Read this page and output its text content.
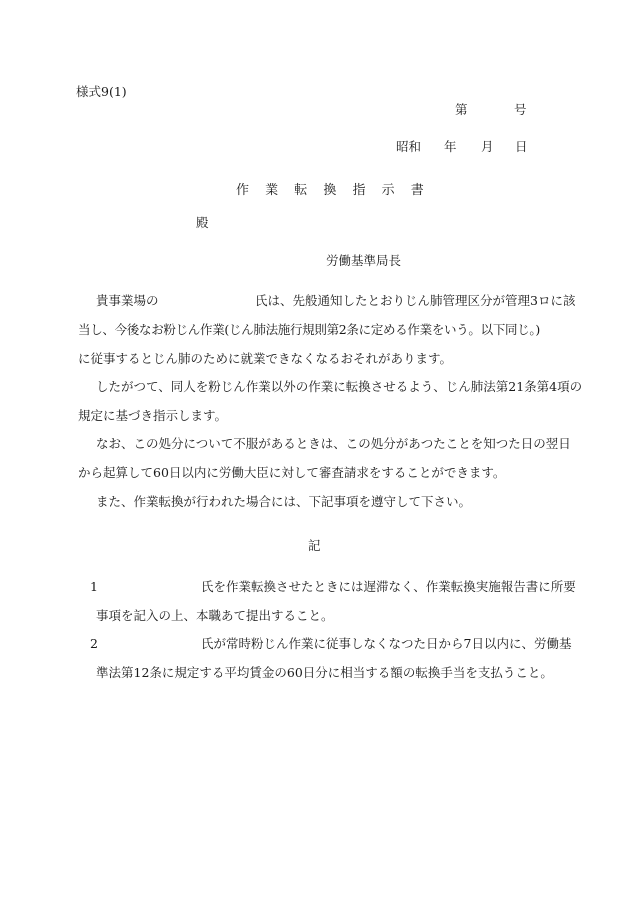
様式9(1)
第	号
昭和 年 月 日
作 業 転 換 指 示 書
殿
労働基準局長
貴事業場の	氏は、先般通知したとおりじん肺管理区分が管理3ロに該
当し、今後なお粉じん作業(じん肺法施行規則第2条に定める作業をいう。以下同じ。)
に従事するとじん肺のために就業できなくなるおそれがあります。
したがつて、同人を粉じん作業以外の作業に転換させるよう、じん肺法第21条第4項の
規定に基づき指示します。
なお、この処分について不服があるときは、この処分があつたことを知つた日の翌日
から起算して60日以内に労働大臣に対して審査請求をすることができます。
また、作業転換が行われた場合には、下記事項を遵守して下さい。
記
1	氏を作業転換させたときには遅滞なく、作業転換実施報告書に所要
事項を記入の上、本職あて提出すること。
2	氏が常時粉じん作業に従事しなくなつた日から7日以内に、労働基
準法第12条に規定する平均賃金の60日分に相当する額の転換手当を支払うこと。
